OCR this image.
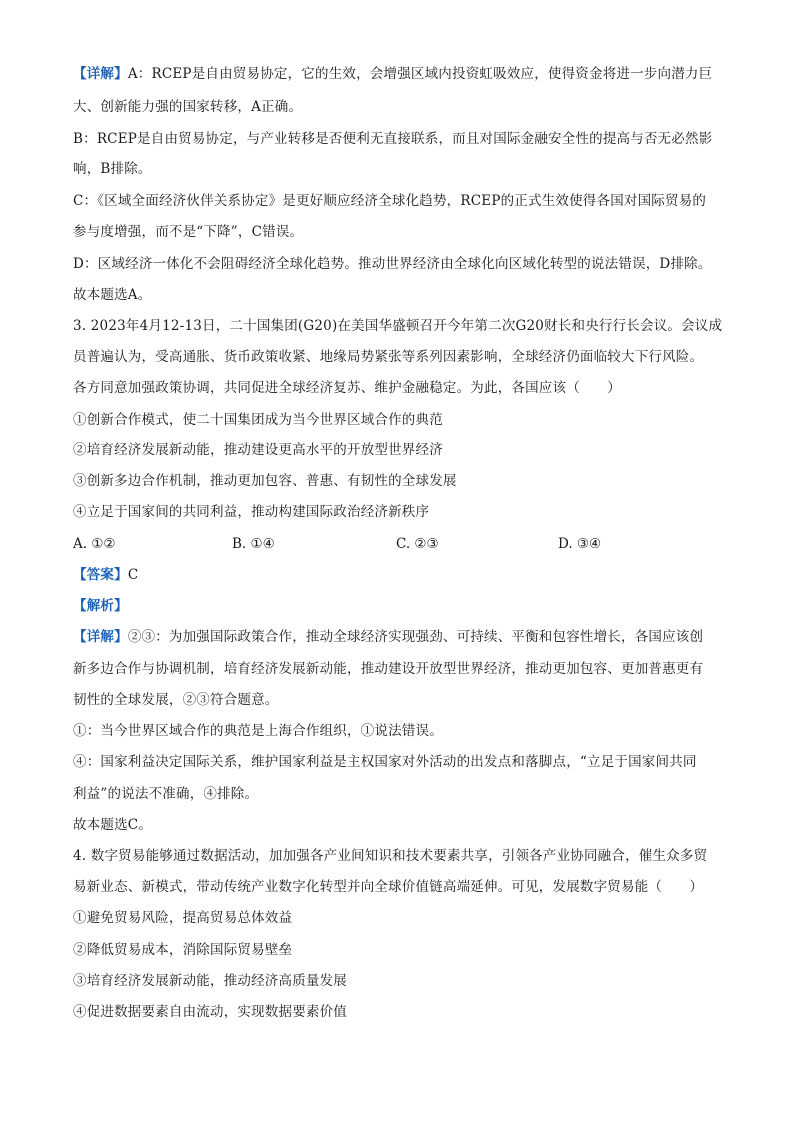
【详解】A：RCEP是自由贸易协定，它的生效，会增强区域内投资虹吸效应，使得资金将进一步向潜力巨
大、创新能力强的国家转移，A正确。
B：RCEP是自由贸易协定，与产业转移是否便利无直接联系，而且对国际金融安全性的提高与否无必然影
响，B排除。
C：《区域全面经济伙伴关系协定》是更好顺应经济全球化趋势，RCEP的正式生效使得各国对国际贸易的
参与度增强，而不是“下降”，C错误。
D：区域经济一体化不会阻碍经济全球化趋势。推动世界经济由全球化向区域化转型的说法错误，D排除。
故本题选A。
3. 2023年4月12-13日，二十国集团(G20)在美国华盛顿召开今年第二次G20财长和央行行长会议。会议成
员普遍认为，受高通胀、货币政策收紧、地缘局势紧张等系列因素影响，全球经济仍面临较大下行风险。
各方同意加强政策协调，共同促进全球经济复苏、维护金融稳定。为此，各国应该（　　）
①创新合作模式，使二十国集团成为当今世界区域合作的典范
②培育经济发展新动能，推动建设更高水平的开放型世界经济
③创新多边合作机制，推动更加包容、普惠、有韧性的全球发展
④立足于国家间的共同利益，推动构建国际政治经济新秩序
A. ①②	B. ①④	C. ②③	D. ③④
【答案】C
【解析】
【详解】②③：为加强国际政策合作，推动全球经济实现强劲、可持续、平衡和包容性增长，各国应该创
新多边合作与协调机制，培育经济发展新动能，推动建设开放型世界经济，推动更加包容、更加普惠更有
韧性的全球发展，②③符合题意。
①：当今世界区域合作的典范是上海合作组织，①说法错误。
④：国家利益决定国际关系，维护国家利益是主权国家对外活动的出发点和落脚点，“立足于国家间共同
利益”的说法不准确，④排除。
故本题选C。
4. 数字贸易能够通过数据活动，加加强各产业间知识和技术要素共享，引领各产业协同融合，催生众多贸
易新业态、新模式，带动传统产业数字化转型并向全球价值链高端延伸。可见，发展数字贸易能（　　）
①避免贸易风险，提高贸易总体效益
②降低贸易成本，消除国际贸易壁垒
③培育经济发展新动能，推动经济高质量发展
④促进数据要素自由流动，实现数据要素价值
